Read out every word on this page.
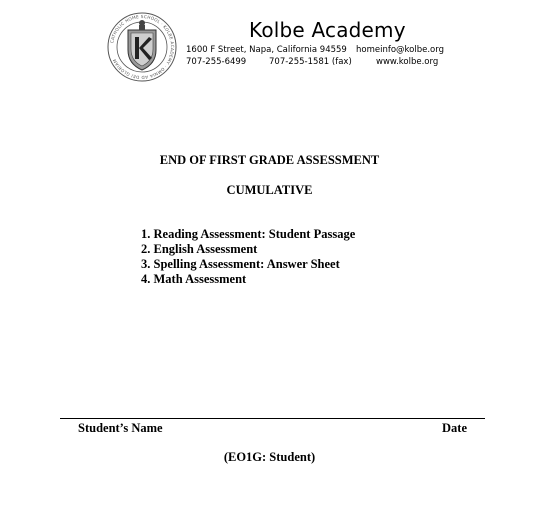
CATHOLIC HOME SCHOOL · KOLBE ACADEMY · OMNIA AD DEI GLORIAM
Kolbe Academy
1600 F Street, Napa, California 94559 homeinfo@kolbe.org
707-255-6499	707-255-1581 (fax)	www.kolbe.org
END OF FIRST GRADE ASSESSMENT
CUMULATIVE
1. Reading Assessment: Student Passage
2. English Assessment
3. Spelling Assessment: Answer Sheet
4. Math Assessment
Student’s Name	Date
(EO1G: Student)
